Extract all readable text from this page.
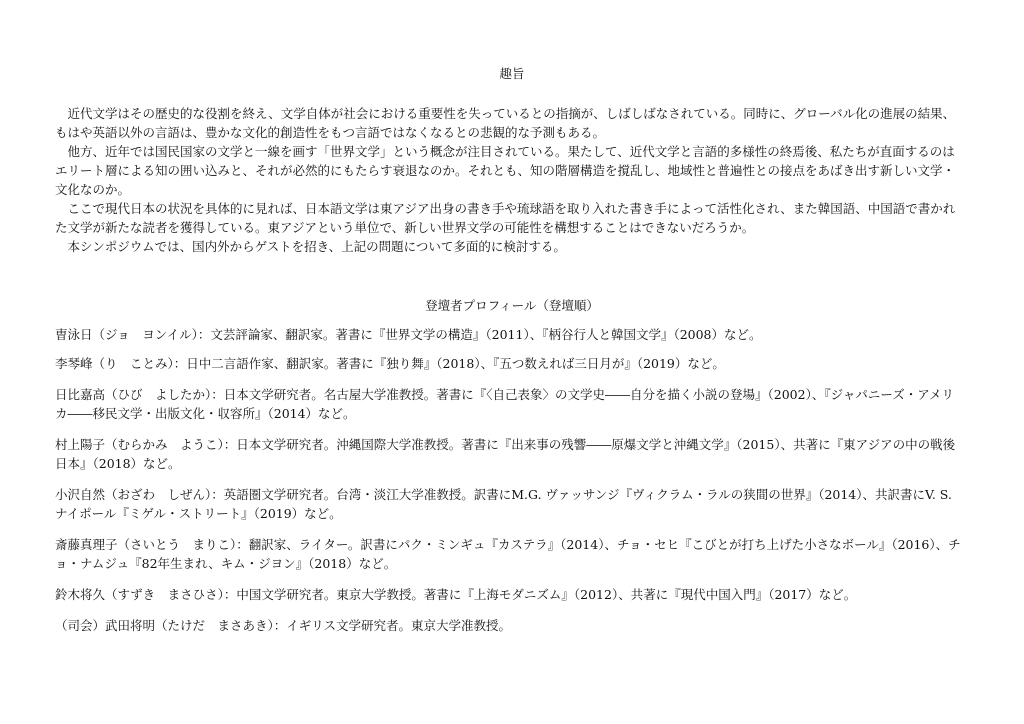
趣旨

近代文学はその歴史的な役割を終え、文学自体が社会における重要性を失っているとの指摘が、しばしばなされている。同時に、グローバル化の進展の結果、もはや英語以外の言語は、豊かな文化的創造性をもつ言語ではなくなるとの悲観的な予測もある。

他方、近年では国民国家の文学と一線を画す「世界文学」という概念が注目されている。果たして、近代文学と言語的多様性の終焉後、私たちが直面するのはエリート層による知の囲い込みと、それが必然的にもたらす衰退なのか。それとも、知の階層構造を撹乱し、地域性と普遍性との接点をあばき出す新しい文学・文化なのか。

ここで現代日本の状況を具体的に見れば、日本語文学は東アジア出身の書き手や琉球語を取り入れた書き手によって活性化され、また韓国語、中国語で書かれた文学が新たな読者を獲得している。東アジアという単位で、新しい世界文学の可能性を構想することはできないだろうか。

本シンポジウムでは、国内外からゲストを招き、上記の問題について多面的に検討する。

登壇者プロフィール（登壇順）

曺泳日（ジョ　ヨンイル）：文芸評論家、翻訳家。著書に『世界文学の構造』（2011）、『柄谷行人と韓国文学』（2008）など。

李琴峰（り　ことみ）：日中二言語作家、翻訳家。著書に『独り舞』（2018）、『五つ数えれば三日月が』（2019）など。

日比嘉高（ひび　よしたか）：日本文学研究者。名古屋大学准教授。著書に『〈自己表象〉の文学史――自分を描く小説の登場』（2002）、『ジャパニーズ・アメリカ――移民文学・出版文化・収容所』（2014）など。

村上陽子（むらかみ　ようこ）：日本文学研究者。沖縄国際大学准教授。著書に『出来事の残響――原爆文学と沖縄文学』（2015）、共著に『東アジアの中の戦後日本』（2018）など。

小沢自然（おざわ　しぜん）：英語圏文学研究者。台湾・淡江大学准教授。訳書にM.G. ヴァッサンジ『ヴィクラム・ラルの狭間の世界』（2014）、共訳書にV. S. ナイポール『ミゲル・ストリート』（2019）など。

斎藤真理子（さいとう　まりこ）：翻訳家、ライター。訳書にパク・ミンギュ『カステラ』（2014）、チョ・セヒ『こびとが打ち上げた小さなボール』（2016）、チョ・ナムジュ『82年生まれ、キム・ジヨン』（2018）など。

鈴木将久（すずき　まさひさ）：中国文学研究者。東京大学教授。著書に『上海モダニズム』（2012）、共著に『現代中国入門』（2017）など。

（司会）武田将明（たけだ　まさあき）：イギリス文学研究者。東京大学准教授。
